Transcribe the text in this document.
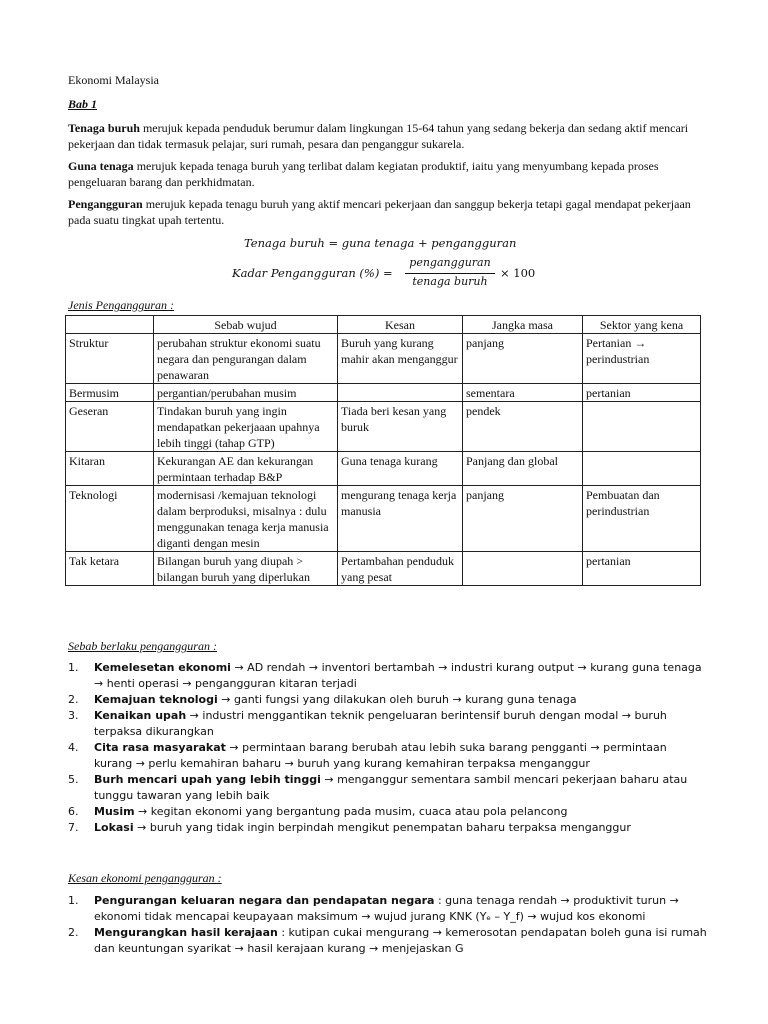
Ekonomi Malaysia
Bab 1
Tenaga buruh merujuk kepada penduduk berumur dalam lingkungan 15-64 tahun yang sedang bekerja dan sedang aktif mencari pekerjaan dan tidak termasuk pelajar, suri rumah, pesara dan penganggur sukarela.
Guna tenaga merujuk kepada tenaga buruh yang terlibat dalam kegiatan produktif, iaitu yang menyumbang kepada proses pengeluaran barang dan perkhidmatan.
Pengangguran merujuk kepada tenagu buruh yang aktif mencari pekerjaan dan sanggup bekerja tetapi gagal mendapat pekerjaan pada suatu tingkat upah tertentu.
Tenaga buruh = guna tenaga + pengangguran
Kadar Pengangguran (%) =
pengangguran
tenaga buruh
× 100
Jenis Pengangguran :
	Sebab wujud	Kesan	Jangka masa	Sektor yang kena
Struktur	perubahan struktur ekonomi suatu negara dan pengurangan dalam penawaran	Buruh yang kurang mahir akan menganggur	panjang	Pertanian → perindustrian
Bermusim	pergantian/perubahan musim		sementara	pertanian
Geseran	Tindakan buruh yang ingin mendapatkan pekerjaaan upahnya lebih tinggi (tahap GTP)	Tiada beri kesan yang buruk	pendek	
Kitaran	Kekurangan AE dan kekurangan permintaan terhadap B&P	Guna tenaga kurang	Panjang dan global	
Teknologi	modernisasi /kemajuan teknologi dalam berproduksi, misalnya : dulu menggunakan tenaga kerja manusia diganti dengan mesin	mengurang tenaga kerja manusia	panjang	Pembuatan dan perindustrian
Tak ketara	Bilangan buruh yang diupah > bilangan buruh yang diperlukan	Pertambahan penduduk yang pesat		pertanian
Sebab berlaku pengangguran :
1. Kemelesetan ekonomi → AD rendah → inventori bertambah → industri kurang output → kurang guna tenaga → henti operasi → pengangguran kitaran terjadi
2. Kemajuan teknologi → ganti fungsi yang dilakukan oleh buruh → kurang guna tenaga
3. Kenaikan upah → industri menggantikan teknik pengeluaran berintensif buruh dengan modal → buruh terpaksa dikurangkan
4. Cita rasa masyarakat → permintaan barang berubah atau lebih suka barang pengganti → permintaan kurang → perlu kemahiran baharu → buruh yang kurang kemahiran terpaksa menganggur
5. Burh mencari upah yang lebih tinggi → menganggur sementara sambil mencari pekerjaan baharu atau tunggu tawaran yang lebih baik
6. Musim → kegitan ekonomi yang bergantung pada musim, cuaca atau pola pelancong
7. Lokasi → buruh yang tidak ingin berpindah mengikut penempatan baharu terpaksa menganggur
Kesan ekonomi pengangguran :
1. Pengurangan keluaran negara dan pendapatan negara : guna tenaga rendah → produktivit turun → ekonomi tidak mencapai keupayaan maksimum → wujud jurang KNK (Yₑ – Y_f) → wujud kos ekonomi
2. Mengurangkan hasil kerajaan : kutipan cukai mengurang → kemerosotan pendapatan boleh guna isi rumah dan keuntungan syarikat → hasil kerajaan kurang → menjejaskan G
